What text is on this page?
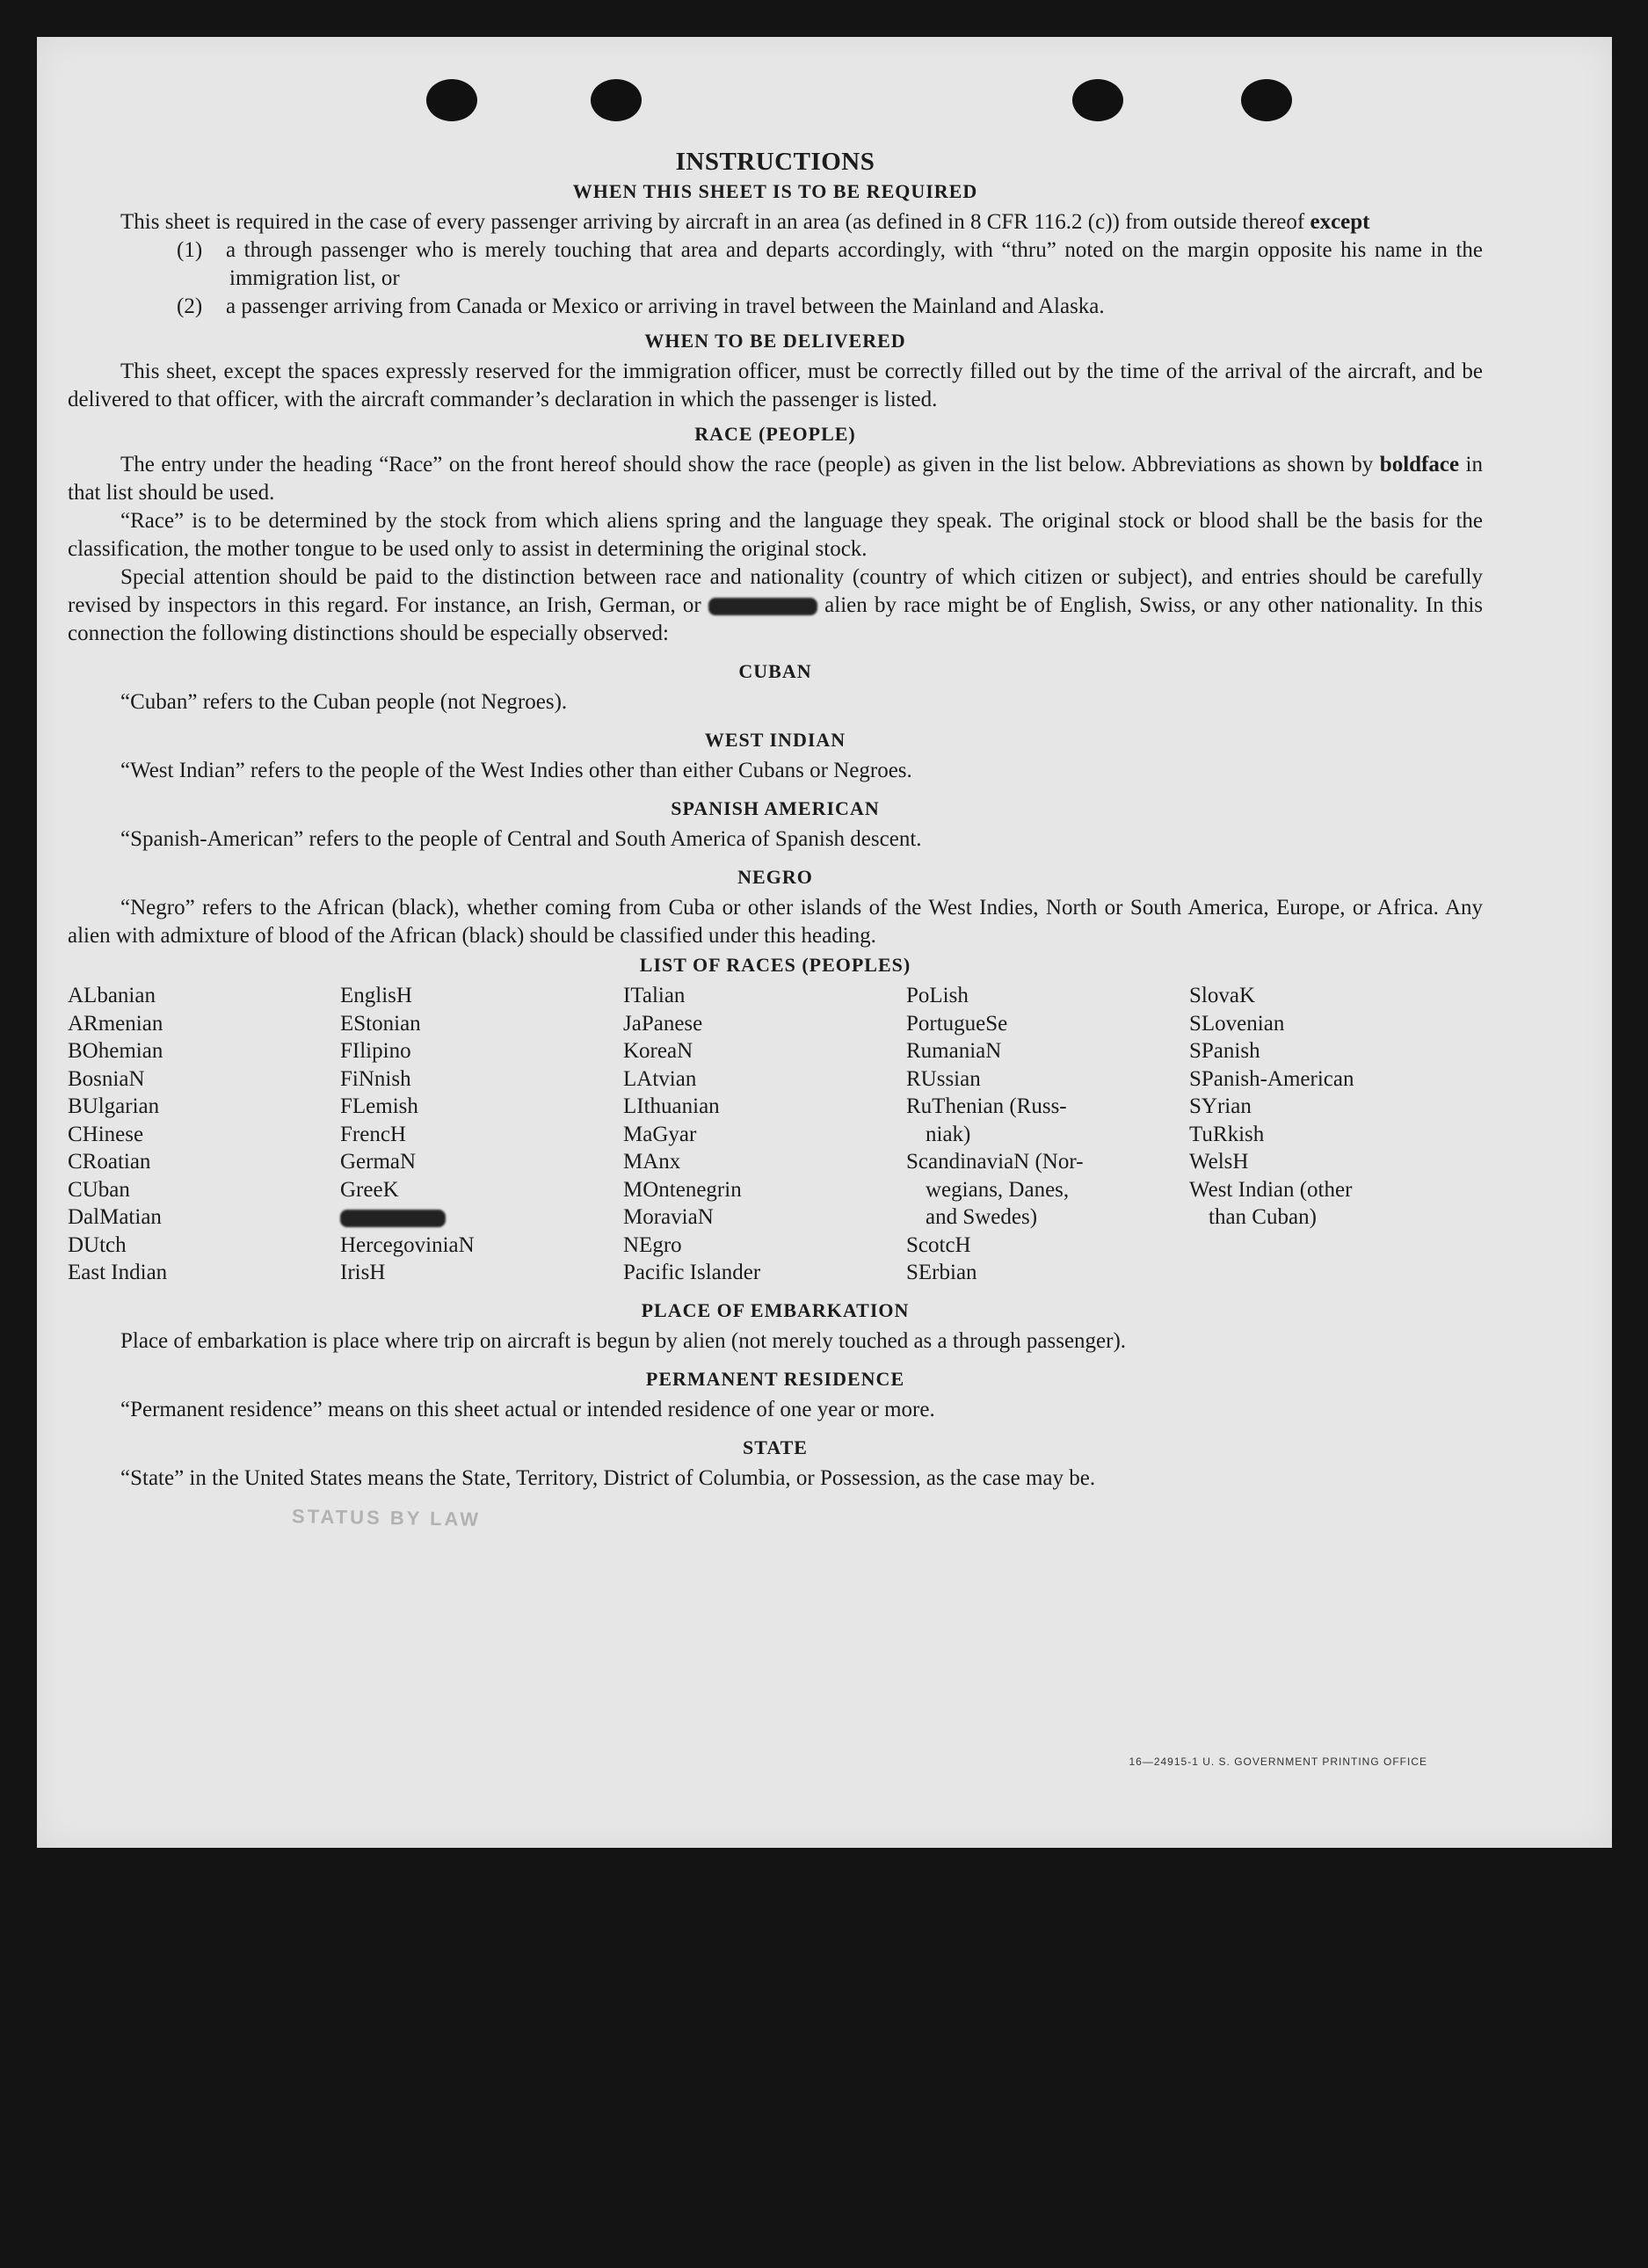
INSTRUCTIONS
WHEN THIS SHEET IS TO BE REQUIRED

This sheet is required in the case of every passenger arriving by aircraft in an area (as defined in 8 CFR 116.2 (c)) from outside thereof except

(1) a through passenger who is merely touching that area and departs accordingly, with “thru” noted on the margin opposite his name in the immigration list, or

(2) a passenger arriving from Canada or Mexico or arriving in travel between the Mainland and Alaska.

WHEN TO BE DELIVERED

This sheet, except the spaces expressly reserved for the immigration officer, must be correctly filled out by the time of the arrival of the aircraft, and be delivered to that officer, with the aircraft commander’s declaration in which the passenger is listed.

RACE (PEOPLE)

The entry under the heading “Race” on the front hereof should show the race (people) as given in the list below. Abbreviations as shown by boldface in that list should be used.

“Race” is to be determined by the stock from which aliens spring and the language they speak. The original stock or blood shall be the basis for the classification, the mother tongue to be used only to assist in determining the original stock.

Special attention should be paid to the distinction between race and nationality (country of which citizen or subject), and entries should be carefully revised by inspectors in this regard. For instance, an Irish, German, or	alien by race might be of English, Swiss, or any other nationality. In this connection the following distinctions should be especially observed:

CUBAN

“Cuban” refers to the Cuban people (not Negroes).

WEST INDIAN

“West Indian” refers to the people of the West Indies other than either Cubans or Negroes.

SPANISH AMERICAN

“Spanish-American” refers to the people of Central and South America of Spanish descent.

NEGRO

“Negro” refers to the African (black), whether coming from Cuba or other islands of the West Indies, North or South America, Europe, or Africa. Any alien with admixture of blood of the African (black) should be classified under this heading.

LIST OF RACES (PEOPLES)
ALbanian
ARmenian
BOhemian
BosniaN
BUlgarian
CHinese
CRoatian
CUban
DalMatian
DUtch
East Indian
EnglisH
EStonian
FIlipino
FiNnish
FLemish
FrencH
GermaN
GreeK
HercegoviniaN
IrisH
ITalian
JaPanese
KoreaN
LAtvian
LIthuanian
MaGyar
MAnx
MOntenegrin
MoraviaN
NEgro
Pacific Islander
PoLish
PortugueSe
RumaniaN
RUssian
RuThenian (Russ-
niak)
ScandinaviaN (Nor-
wegians, Danes,
and Swedes)
ScotcH
SErbian
SlovaK
SLovenian
SPanish
SPanish-American
SYrian
TuRkish
WelsH
West Indian (other
than Cuban)
PLACE OF EMBARKATION

Place of embarkation is place where trip on aircraft is begun by alien (not merely touched as a through passenger).

PERMANENT RESIDENCE

“Permanent residence” means on this sheet actual or intended residence of one year or more.

STATE

“State” in the United States means the State, Territory, District of Columbia, or Possession, as the case may be.

STATUS BY LAW
16—24915-1 U. S. GOVERNMENT PRINTING OFFICE
